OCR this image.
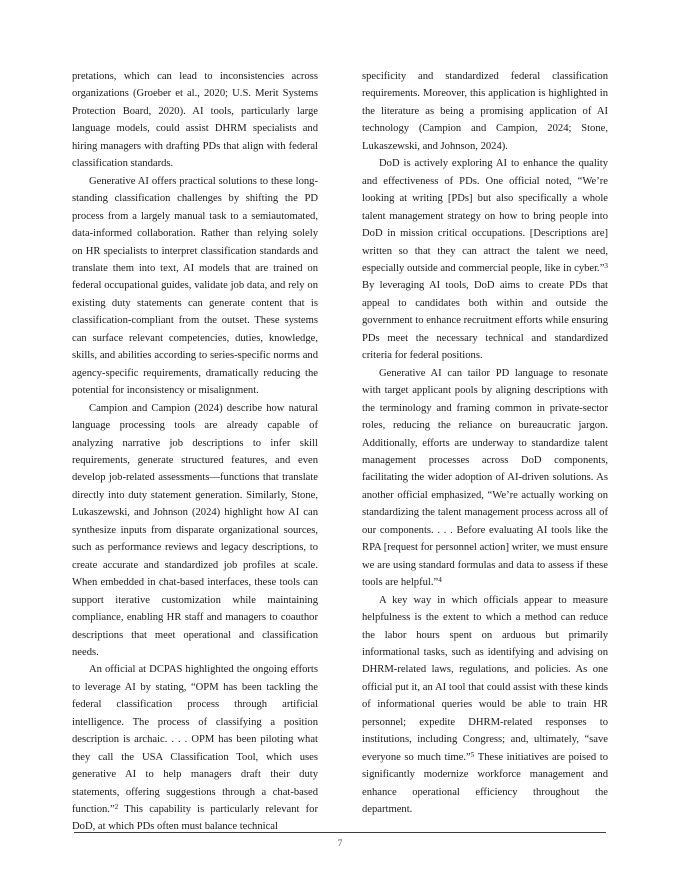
pretations, which can lead to inconsistencies across organizations (Groeber et al., 2020; U.S. Merit Systems Protection Board, 2020). AI tools, particularly large language models, could assist DHRM specialists and hiring managers with drafting PDs that align with federal classification standards.

Generative AI offers practical solutions to these long-standing classification challenges by shifting the PD process from a largely manual task to a semiautomated, data-informed collaboration. Rather than relying solely on HR specialists to interpret classification standards and translate them into text, AI models that are trained on federal occupational guides, validate job data, and rely on existing duty statements can generate content that is classification-compliant from the outset. These systems can surface relevant competencies, duties, knowledge, skills, and abilities according to series-specific norms and agency-specific requirements, dramatically reducing the potential for inconsistency or misalignment.

Campion and Campion (2024) describe how natural language processing tools are already capable of analyzing narrative job descriptions to infer skill requirements, generate structured features, and even develop job-related assessments—functions that translate directly into duty statement generation. Similarly, Stone, Lukaszewski, and Johnson (2024) highlight how AI can synthesize inputs from disparate organizational sources, such as performance reviews and legacy descriptions, to create accurate and standardized job profiles at scale. When embedded in chat-based interfaces, these tools can support iterative customization while maintaining compliance, enabling HR staff and managers to coauthor descriptions that meet operational and classification needs.

An official at DCPAS highlighted the ongoing efforts to leverage AI by stating, “OPM has been tackling the federal classification process through artificial intelligence. The process of classifying a position description is archaic. . . . OPM has been piloting what they call the USA Classification Tool, which uses generative AI to help managers draft their duty statements, offering suggestions through a chat-based function.”$^2$ This capability is particularly relevant for DoD, at which PDs often must balance technical

specificity and standardized federal classification requirements. Moreover, this application is highlighted in the literature as being a promising application of AI technology (Campion and Campion, 2024; Stone, Lukaszewski, and Johnson, 2024).

DoD is actively exploring AI to enhance the quality and effectiveness of PDs. One official noted, “We’re looking at writing [PDs] but also specifically a whole talent management strategy on how to bring people into DoD in mission critical occupations. [Descriptions are] written so that they can attract the talent we need, especially outside and commercial people, like in cyber.”$^3$ By leveraging AI tools, DoD aims to create PDs that appeal to candidates both within and outside the government to enhance recruitment efforts while ensuring PDs meet the necessary technical and standardized criteria for federal positions.

Generative AI can tailor PD language to resonate with target applicant pools by aligning descriptions with the terminology and framing common in private-sector roles, reducing the reliance on bureaucratic jargon. Additionally, efforts are underway to standardize talent management processes across DoD components, facilitating the wider adoption of AI-driven solutions. As another official emphasized, “We’re actually working on standardizing the talent management process across all of our components. . . . Before evaluating AI tools like the RPA [request for personnel action] writer, we must ensure we are using standard formulas and data to assess if these tools are helpful.”$^4$

A key way in which officials appear to measure helpfulness is the extent to which a method can reduce the labor hours spent on arduous but primarily informational tasks, such as identifying and advising on DHRM-related laws, regulations, and policies. As one official put it, an AI tool that could assist with these kinds of informational queries would be able to train HR personnel; expedite DHRM-related responses to institutions, including Congress; and, ultimately, “save everyone so much time.”$^5$ These initiatives are poised to significantly modernize workforce management and enhance operational efficiency throughout the department.

7
